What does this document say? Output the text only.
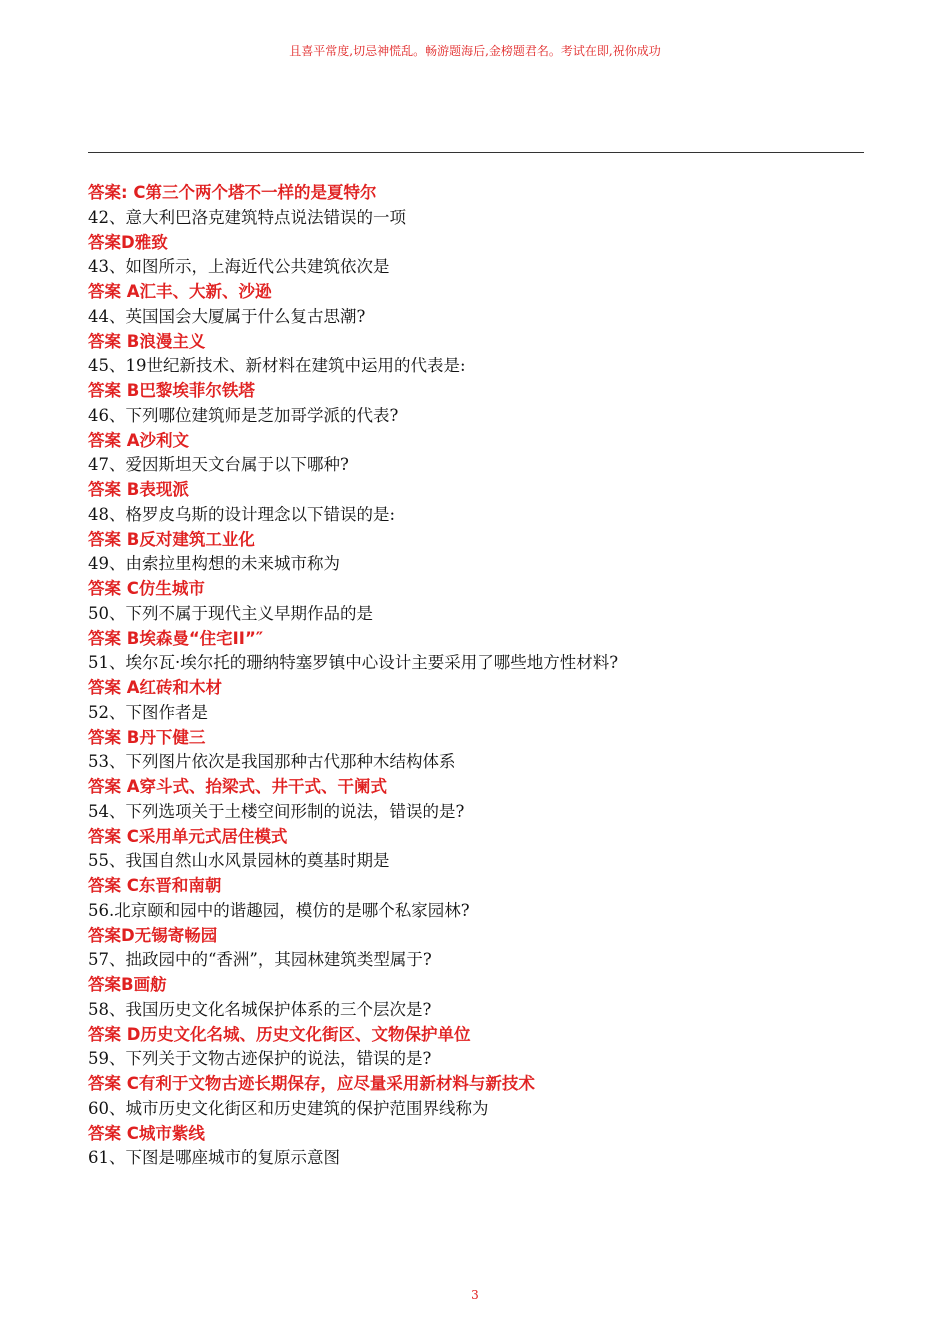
且喜平常度,切忌神慌乱。畅游题海后,金榜题君名。考试在即,祝你成功
答案: C第三个两个塔不一样的是夏特尔
42、意大利巴洛克建筑特点说法错误的一项
答案D雅致
43、如图所示，上海近代公共建筑依次是
答案 A汇丰、大新、沙逊
44、英国国会大厦属于什么复古思潮?
答案 B浪漫主义
45、19世纪新技术、新材料在建筑中运用的代表是:
答案 B巴黎埃菲尔铁塔
46、下列哪位建筑师是芝加哥学派的代表?
答案 A沙利文
47、爱因斯坦天文台属于以下哪种?
答案 B表现派
48、格罗皮乌斯的设计理念以下错误的是:
答案 B反对建筑工业化
49、由索拉里构想的未来城市称为
答案 C仿生城市
50、下列不属于现代主义早期作品的是
答案 B埃森曼“住宅II”″
51、埃尔瓦·埃尔托的珊纳特塞罗镇中心设计主要采用了哪些地方性材料?
答案 A红砖和木材
52、下图作者是
答案 B丹下健三
53、下列图片依次是我国那种古代那种木结构体系
答案 A穿斗式、抬梁式、井干式、干阑式
54、下列选项关于土楼空间形制的说法，错误的是?
答案 C采用单元式居住模式
55、我国自然山水风景园林的奠基时期是
答案 C东晋和南朝
56.北京颐和园中的谐趣园，模仿的是哪个私家园林?
答案D无锡寄畅园
57、拙政园中的“香洲”，其园林建筑类型属于?
答案B画舫
58、我国历史文化名城保护体系的三个层次是?
答案 D历史文化名城、历史文化街区、文物保护单位
59、下列关于文物古迹保护的说法，错误的是?
答案 C有利于文物古迹长期保存，应尽量采用新材料与新技术
60、城市历史文化街区和历史建筑的保护范围界线称为
答案 C城市紫线
61、下图是哪座城市的复原示意图
3
